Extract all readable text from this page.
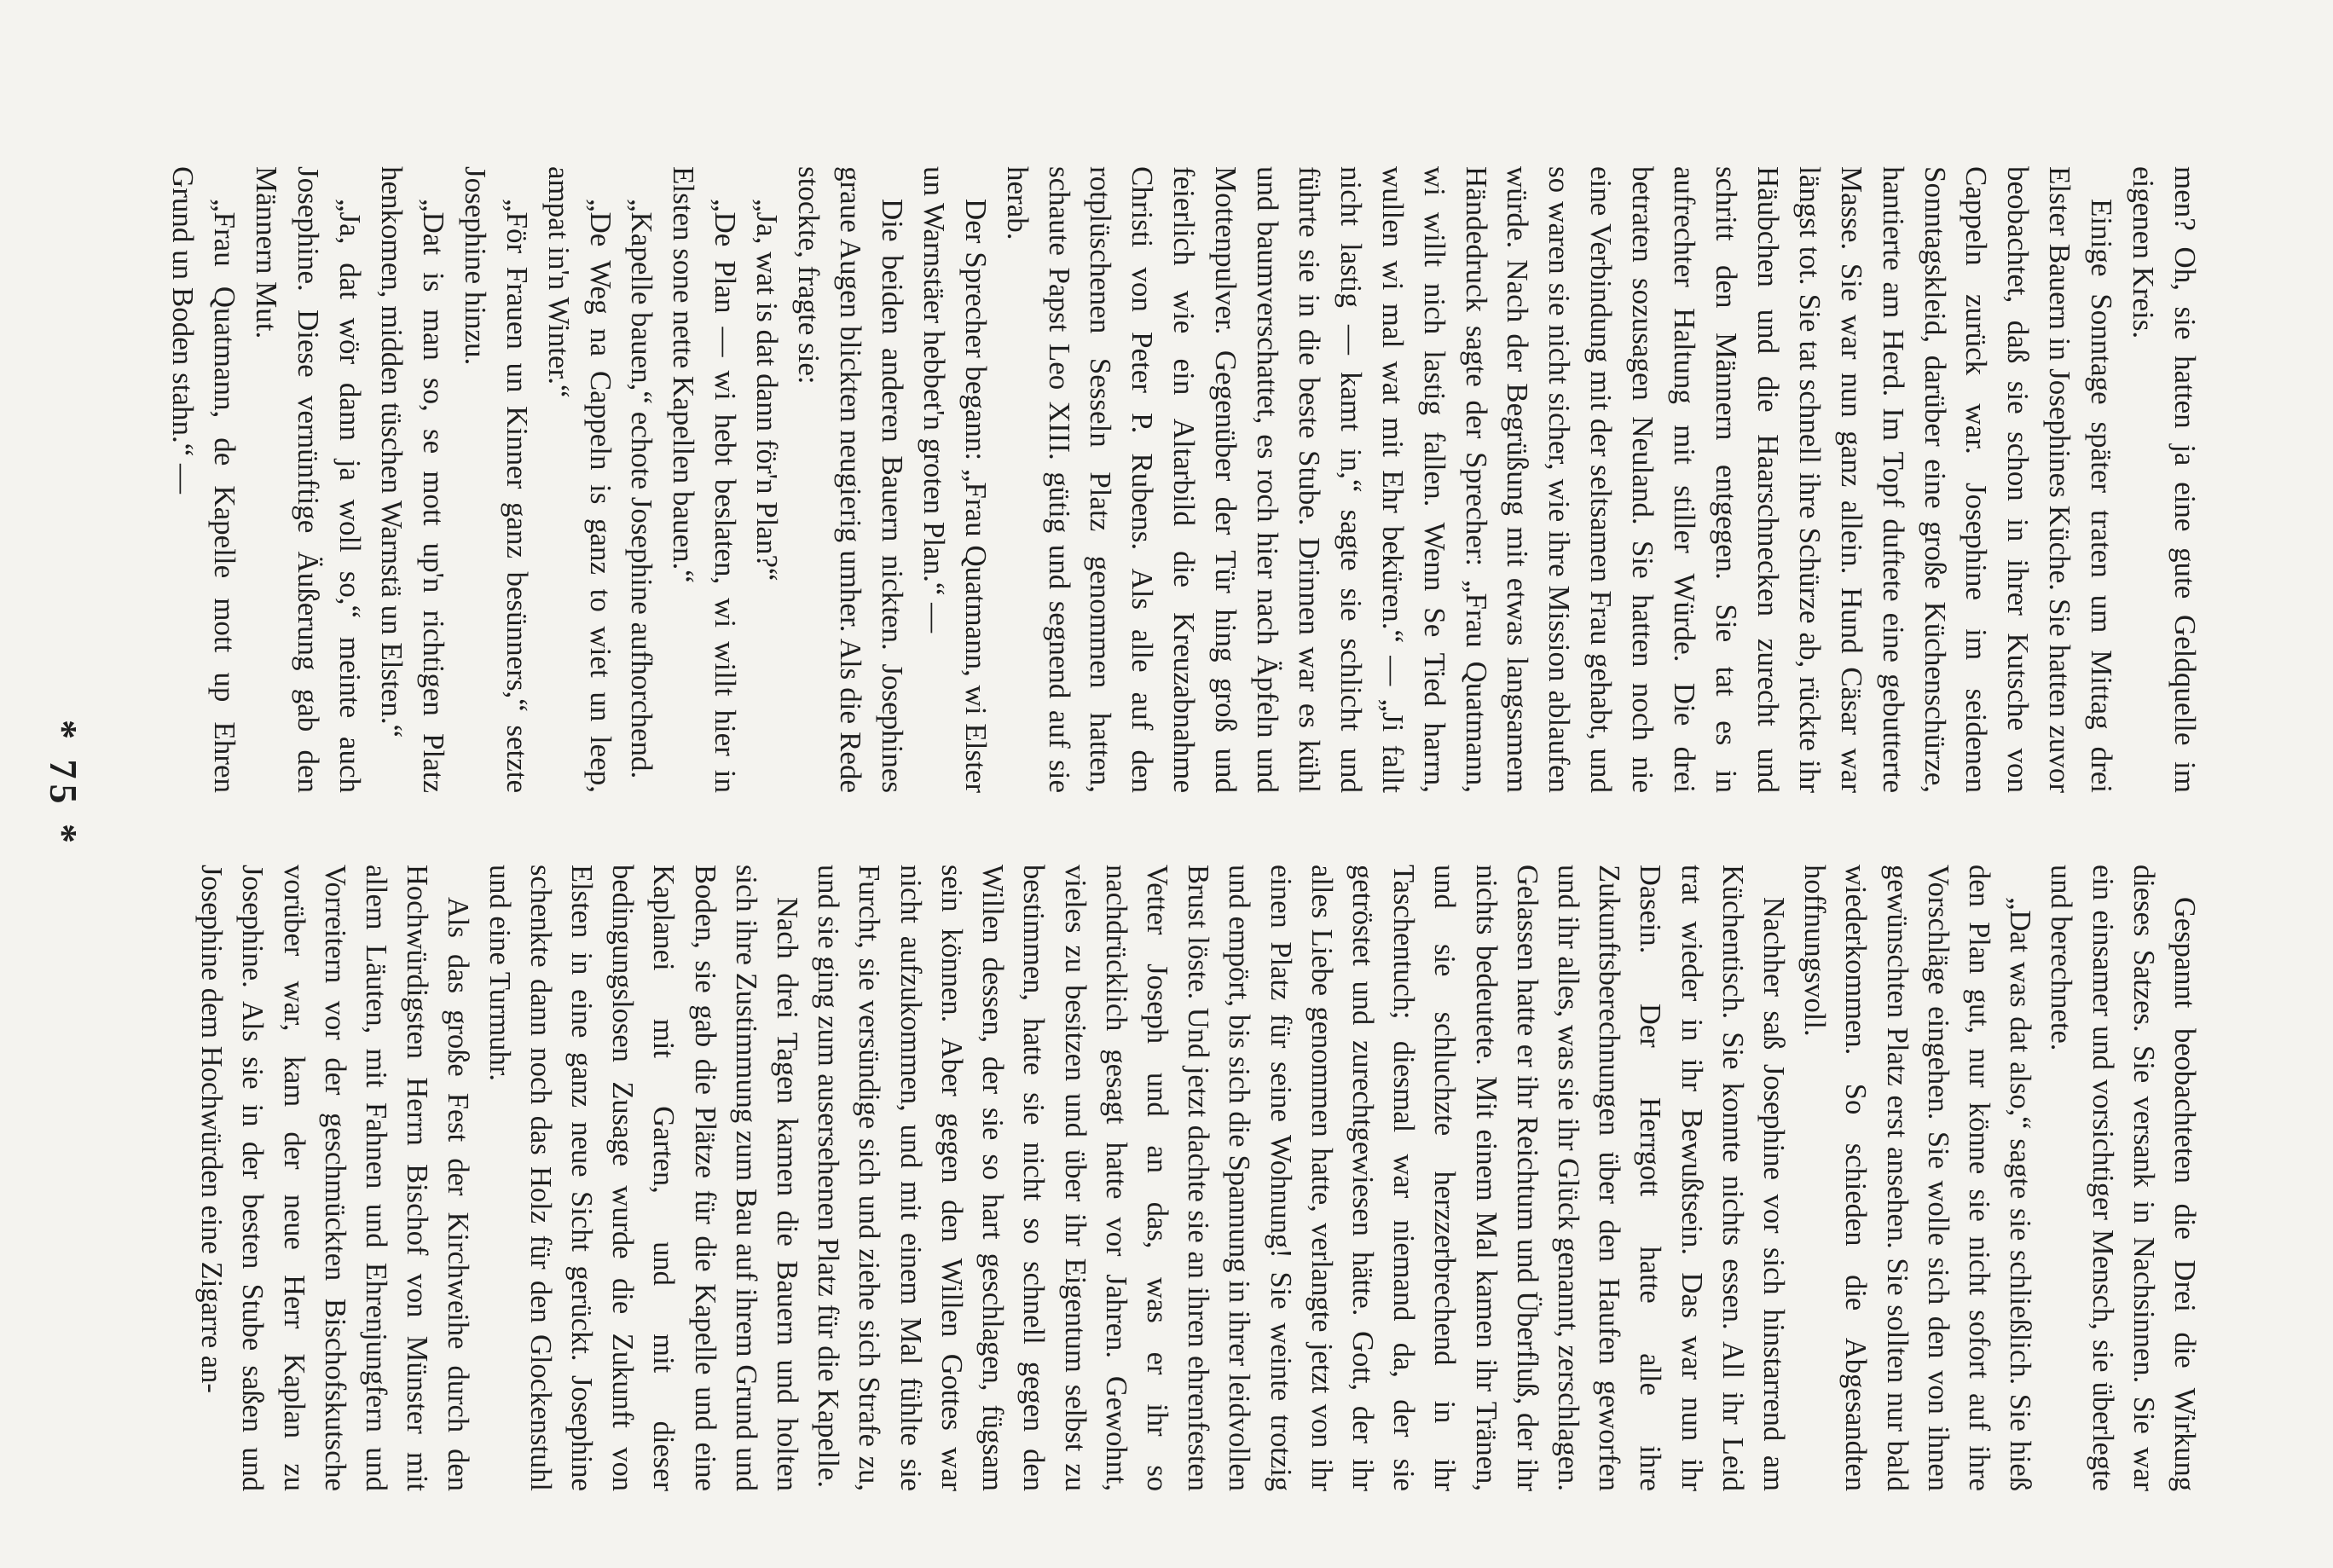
men? Oh, sie hatten ja eine gute Geldquelle im eigenen Kreis.

Einige Sonntage später traten um Mittag drei Elster Bauern in Josephines Küche. Sie hatten zuvor beobachtet, daß sie schon in ihrer Kutsche von Cappeln zurück war. Josephine im seidenen Sonntagskleid, darüber eine große Küchenschürze, hantierte am Herd. Im Topf duftete eine gebutterte Masse. Sie war nun ganz allein. Hund Cäsar war längst tot. Sie tat schnell ihre Schürze ab, rückte ihr Häubchen und die Haarschnecken zurecht und schritt den Männern entgegen. Sie tat es in aufrechter Haltung mit stiller Würde. Die drei betraten sozusagen Neuland. Sie hatten noch nie eine Verbindung mit der seltsamen Frau gehabt, und so waren sie nicht sicher, wie ihre Mission ablaufen würde. Nach der Begrüßung mit etwas langsamem Händedruck sagte der Sprecher: „Frau Quatmann, wi willt nich lastig fallen. Wenn Se Tied harrn, wullen wi mal wat mit Ehr beküren.“ — „Ji fallt nicht lastig — kamt in,“ sagte sie schlicht und führte sie in die beste Stube. Drinnen war es kühl und baumverschattet, es roch hier nach Äpfeln und Mottenpulver. Gegenüber der Tür hing groß und feierlich wie ein Altarbild die Kreuzabnahme Christi von Peter P. Rubens. Als alle auf den rotplüschenen Sesseln Platz genommen hatten, schaute Papst Leo XIII. gütig und segnend auf sie herab.

Der Sprecher begann: „Frau Quatmann, wi Elster un Warnstäer hebbet'n groten Plan.“ —

Die beiden anderen Bauern nickten. Josephines graue Augen blickten neugierig umher. Als die Rede stockte, fragte sie:

„Ja, wat is dat dann för'n Plan?“

„De Plan — wi hebt beslaten, wi willt hier in Elsten sone nette Kapellen bauen.“

„Kapelle bauen,“ echote Josephine aufhorchend.

„De Weg na Cappeln is ganz to wiet un leep, ampat in'n Winter.“

„För Frauen un Kinner ganz besünners,“ setzte Josephine hinzu.

„Dat is man so, se mott up'n richtigen Platz henkomen, midden tüschen Warnstä un Elsten.“

„Ja, dat wör dann ja woll so,“ meinte auch Josephine. Diese vernünftige Äußerung gab den Männern Mut.

„Frau Quatmann, de Kapelle mott up Ehren Grund un Boden stahn.“ —

Gespannt beobachteten die Drei die Wirkung dieses Satzes. Sie versank in Nachsinnen. Sie war ein einsamer und vorsichtiger Mensch, sie überlegte und berechnete.

„Dat was dat also,“ sagte sie schließlich. Sie hieß den Plan gut, nur könne sie nicht sofort auf ihre Vorschläge eingehen. Sie wolle sich den von ihnen gewünschten Platz erst ansehen. Sie sollten nur bald wiederkommen. So schieden die Abgesandten hoffnungsvoll.

Nachher saß Josephine vor sich hinstarrend am Küchentisch. Sie konnte nichts essen. All ihr Leid trat wieder in ihr Bewußtsein. Das war nun ihr Dasein. Der Herrgott hatte alle ihre Zukunftsberechnungen über den Haufen geworfen und ihr alles, was sie ihr Glück genannt, zerschlagen. Gelassen hatte er ihr Reichtum und Überfluß, der ihr nichts bedeutete. Mit einem Mal kamen ihr Tränen, und sie schluchzte herzzerbrechend in ihr Taschentuch; diesmal war niemand da, der sie getröstet und zurechtgewiesen hätte. Gott, der ihr alles Liebe genommen hatte, verlangte jetzt von ihr einen Platz für seine Wohnung! Sie weinte trotzig und empört, bis sich die Spannung in ihrer leidvollen Brust löste. Und jetzt dachte sie an ihren ehrenfesten Vetter Joseph und an das, was er ihr so nachdrücklich gesagt hatte vor Jahren. Gewohnt, vieles zu besitzen und über ihr Eigentum selbst zu bestimmen, hatte sie nicht so schnell gegen den Willen dessen, der sie so hart geschlagen, fügsam sein können. Aber gegen den Willen Gottes war nicht aufzukommen, und mit einem Mal fühlte sie Furcht, sie versündige sich und ziehe sich Strafe zu, und sie ging zum ausersehenen Platz für die Kapelle.

Nach drei Tagen kamen die Bauern und holten sich ihre Zustimmung zum Bau auf ihrem Grund und Boden, sie gab die Plätze für die Kapelle und eine Kaplanei mit Garten, und mit dieser bedingungslosen Zusage wurde die Zukunft von Elsten in eine ganz neue Sicht gerückt. Josephine schenkte dann noch das Holz für den Glockenstuhl und eine Turmuhr.

Als das große Fest der Kirchweihe durch den Hochwürdigsten Herrn Bischof von Münster mit allem Läuten, mit Fahnen und Ehrenjungfern und Vorreitern vor der geschmückten Bischofskutsche vorüber war, kam der neue Herr Kaplan zu Josephine. Als sie in der besten Stube saßen und Josephine dem Hochwürden eine Zigarre an-

* 75 *
